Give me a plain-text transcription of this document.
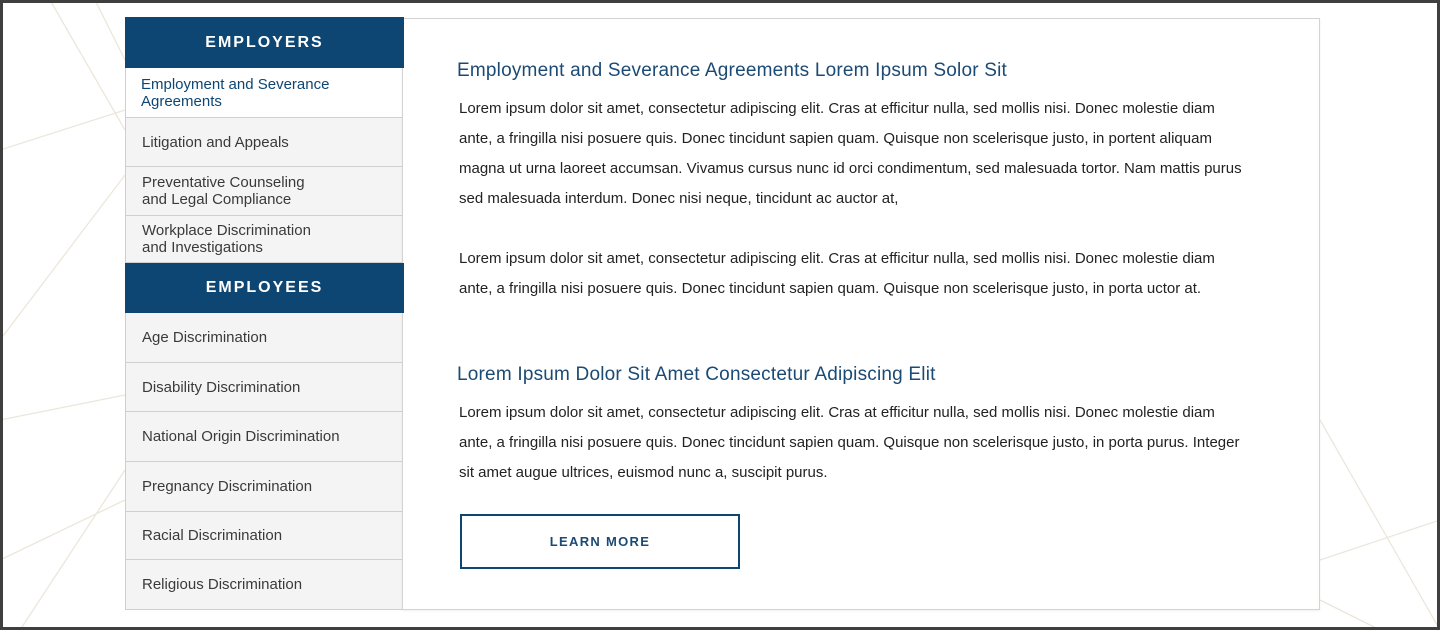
EMPLOYERS
Employment and Severance Agreements
Litigation and Appeals
Preventative Counseling and Legal Compliance
Workplace Discrimination and Investigations
EMPLOYEES
Age Discrimination
Disability Discrimination
National Origin Discrimination
Pregnancy Discrimination
Racial Discrimination
Religious Discrimination
Employment and Severance Agreements Lorem Ipsum Solor Sit

Lorem ipsum dolor sit amet, consectetur adipiscing elit. Cras at efficitur nulla, sed mollis nisi. Donec molestie diam ante, a fringilla nisi posuere quis. Donec tincidunt sapien quam. Quisque non scelerisque justo, in portent aliquam magna ut urna laoreet accumsan. Vivamus cursus nunc id orci condimentum, sed malesuada tortor. Nam mattis purus sed malesuada interdum. Donec nisi neque, tincidunt ac auctor at,

Lorem ipsum dolor sit amet, consectetur adipiscing elit. Cras at efficitur nulla, sed mollis nisi. Donec molestie diam ante, a fringilla nisi posuere quis. Donec tincidunt sapien quam. Quisque non scelerisque justo, in porta uctor at.

Lorem Ipsum Dolor Sit Amet Consectetur Adipiscing Elit

Lorem ipsum dolor sit amet, consectetur adipiscing elit. Cras at efficitur nulla, sed mollis nisi. Donec molestie diam ante, a fringilla nisi posuere quis. Donec tincidunt sapien quam. Quisque non scelerisque justo, in porta purus. Integer sit amet augue ultrices, euismod nunc a, suscipit purus.

LEARN MORE
